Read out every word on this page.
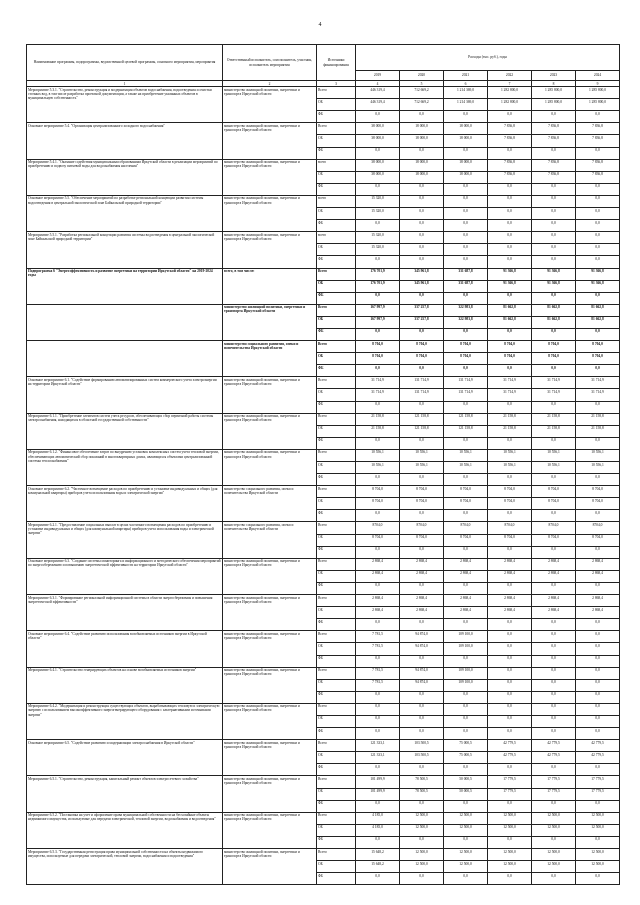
4
Наименование программы, подпрограммы, ведомственной целевой программы, основного мероприятия, мероприятия	Ответственный исполнитель, соисполнитель, участник, исполнитель мероприятия	Источники финансирования	Расходы (тыс. руб.), годы					
			2019	2020	2021	2022	2023	2024
1	2	3	4	5	6	7	8	9
Мероприятие 5.3.1. "Строительство, реконструкция и модернизация объектов водоснабжения, водоотведения и очистки сточных вод, в том числе разработка проектной документации, а также на приобретение указанных объектов в муниципальную собственность"	министерство жилищной политики, энергетики и транспорта Иркутской области	Всего	446 319,4	712 669,2	1 214 369,0	1 282 800,0	1 285 800,0	1 285 800,0
		ОБ	446 319,4	712 669,2	1 214 369,0	1 282 800,0	1 285 800,0	1 285 800,0
		ФБ	0,0	0,0	0,0	0,0	0,0	0,0
Основное мероприятие 5.4. "Организация централизованного холодного водоснабжения"	министерство жилищной политики, энергетики и транспорта Иркутской области	Всего	38 000,0	18 000,0	18 000,0	7 836,8	7 836,8	7 836,8
		ОБ	38 000,0	18 000,0	18 000,0	7 836,8	7 836,8	7 836,8
		ФБ	0,0	0,0	0,0	0,0	0,0	0,0
Мероприятие 5.4.1. "Оказание содействия муниципальным образованиям Иркутской области в реализации мероприятий по приобретению и подвозу питьевой воды для водоснабжения населения"	министерство жилищной политики, энергетики и транспорта Иркутской области	всего	38 000,0	18 000,0	18 000,0	7 836,8	7 836,8	7 836,8
		ОБ	38 000,0	18 000,0	18 000,0	7 836,8	7 836,8	7 836,8
		ФБ	0,0	0,0	0,0	0,0	0,0	0,0
Основное мероприятие 5.5. "Обеспечение мероприятий по разработке региональной концепции развития системы водоотведения в центральной экологической зоне Байкальской природной территории"	министерство жилищной политики, энергетики и транспорта Иркутской области	всего	15 320,0	0,0	0,0	0,0	0,0	0,0
		ОБ	15 320,0	0,0	0,0	0,0	0,0	0,0
		ФБ	0,0	0,0	0,0	0,0	0,0	0,0
Мероприятие 5.5.1. "Разработка региональной концепции развития системы водоотведения в центральной экологической зоне Байкальской природной территории"	министерство жилищной политики, энергетики и транспорта Иркутской области	всего	15 320,0	0,0	0,0	0,0	0,0	0,0
		ОБ	15 320,0	0,0	0,0	0,0	0,0	0,0
		ФБ	0,0	0,0	0,0	0,0	0,0	0,0
Подпрограмма 6 "Энергоэффективность и развитие энергетики на территории Иркутской области" на 2019-2024 годы	всего, в том числе:	Всего	176 701,9	345 961,8	331 687,8	91 366,8	91 366,8	91 366,8
		ОБ	176 701,9	345 961,8	331 687,8	91 366,8	91 366,8	91 366,8
		ФБ	0,0	0,0	0,0	0,0	0,0	0,0
	министерство жилищной политики, энергетики и транспорта Иркутской области	Всего	167 997,9	337 257,8	322 983,8	81 662,8	81 662,8	81 662,8
		ОБ	167 997,9	337 257,8	322 983,8	81 662,8	81 662,8	81 662,8
		ФБ	0,0	0,0	0,0	0,0	0,0	0,0
	министерство социального развития, опеки и попечительства Иркутской области	Всего	8 704,0	8 704,0	8 704,0	8 704,0	8 704,0	8 704,0
		ОБ	8 704,0	8 704,0	8 704,0	8 704,0	8 704,0	8 704,0
		ФБ	0,0	0,0	0,0	0,0	0,0	0,0
Основное мероприятие 6.1. "Содействие формированию автоматизированных систем коммерческого учета электроэнергии на территории Иркутской области"	министерство жилищной политики, энергетики и транспорта Иркутской области	Всего	31 714,9	131 714,9	131 714,9	31 714,9	31 714,9	31 714,9
		ОБ	31 714,9	131 714,9	131 714,9	31 714,9	31 714,9	31 714,9
		ФБ	0,0	0,0	0,0	0,0	0,0	0,0
Мероприятие 6.1.1. "Приобретение элементов систем учета ресурсов, обеспечивающих сбор первичной работы системы электроснабжения, находящихся в областной государственной собственности"	министерство жилищной политики, энергетики и транспорта Иркутской области	Всего	21 158,8	121 158,8	121 158,8	21 158,8	21 158,8	21 158,8
		ОБ	21 158,8	121 158,8	121 158,8	21 158,8	21 158,8	21 158,8
		ФБ	0,0	0,0	0,0	0,0	0,0	0,0
Мероприятие 6.1.2. "Финансовое обеспечение затрат по внедрению установок комплексных систем учета тепловой энергии, обеспечивающих автоматический сбор показаний в многоквартирных домах, являющихся объектами централизованной системы теплоснабжения"	министерство жилищной политики, энергетики и транспорта Иркутской области	Всего	10 556,1	10 556,1	10 556,1	10 556,1	10 556,1	10 556,1
		ОБ	10 556,1	10 556,1	10 556,1	10 556,1	10 556,1	10 556,1
		ФБ	0,0	0,0	0,0	0,0	0,0	0,0
Основное мероприятие 6.2. "Частичное возмещение расходов по приобретению и установке индивидуальных и общих (для коммунальной квартиры) приборов учета использования воды и электрической энергии"	министерство социального развития, опеки и попечительства Иркутской области	Всего	8 704,0	8 704,0	8 704,0	8 704,0	8 704,0	8 704,0
		ОБ	8 704,0	8 704,0	8 704,0	8 704,0	8 704,0	8 704,0
		ФБ	0,0	0,0	0,0	0,0	0,0	0,0
Мероприятие 6.2.1. "Предоставление социальных выплат в целях частичного возмещения расходов по приобретению и установке индивидуальных и общих (для коммунальной квартиры) приборов учета использования воды и электрической энергии"	министерство социального развития, опеки и попечительства Иркутской области	Всего	8704,0	8704,0	8704,0	8704,0	8704,0	8704,0
		ОБ	8 704,0	8 704,0	8 704,0	8 704,0	8 704,0	8 704,0
		ФБ	0,0	0,0	0,0	0,0	0,0	0,0
Основное мероприятие 6.3. "Создание системы мониторинга и информационного и методического обеспечения мероприятий по энергосбережению и повышению энергетической эффективности на территории Иркутской области"	министерство жилищной политики, энергетики и транспорта Иркутской области	Всего	2 868,4	2 868,4	2 868,4	2 868,4	2 868,4	2 868,4
		ОБ	2 868,4	2 868,4	2 868,4	2 868,4	2 868,4	2 868,4
		ФБ	0,0	0,0	0,0	0,0	0,0	0,0
Мероприятие 6.3.1. "Формирование региональной информационной системы в области энергосбережения и повышения энергетической эффективности"	министерство жилищной политики, энергетики и транспорта Иркутской области	Всего	2 868,4	2 868,4	2 868,4	2 868,4	2 868,4	2 868,4
		ОБ	2 868,4	2 868,4	2 868,4	2 868,4	2 868,4	2 868,4
		ФБ	0,0	0,0	0,0	0,0	0,0	0,0
Основное мероприятие 6.4. "Содействие развитию использования возобновляемых источников энергии в Иркутской области"	министерство жилищной политики, энергетики и транспорта Иркутской области	Всего	7 781,5	94 874,0	109 100,0	0,0	0,0	0,0
		ОБ	7 781,5	94 874,0	109 100,0	0,0	0,0	0,0
		ФБ	0,0	0,0	0,0	0,0	0,0	0,0
Мероприятие 6.4.1. "Строительство генерирующих объектов на основе возобновляемых источников энергии"	министерство жилищной политики, энергетики и транспорта Иркутской области	Всего	7 781,5	94 874,0	109 100,0	0,0	0,0	0,0
		ОБ	7 781,5	94 874,0	109 100,0	0,0	0,0	0,0
		ФБ	0,0	0,0	0,0	0,0	0,0	0,0
Мероприятие 6.4.2. "Модернизация и реконструкция существующих объектов, вырабатывающих тепловую и электрическую энергию с использованием высокоэффективного энергогенерирующего оборудования с альтернативными источниками энергии"	министерство жилищной политики, энергетики и транспорта Иркутской области	Всего	0,0	0,0	0,0	0,0	0,0	0,0
		ОБ	0,0	0,0	0,0	0,0	0,0	0,0
		ФБ	0,0	0,0	0,0	0,0	0,0	0,0
Основное мероприятие 6.5. "Содействие развитию и модернизации электроснабжения в Иркутской области"	министерство жилищной политики, энергетики и транспорта Иркутской области	Всего	121 333,1	103 500,5	75 000,5	42 779,5	42 779,5	42 779,5
		ОБ	121 333,1	103 500,5	75 000,5	42 779,5	42 779,5	42 779,5
		ФБ	0,0	0,0	0,0	0,0	0,0	0,0
Мероприятие 6.5.1. "Строительство, реконструкция, капитальный ремонт объектов электросетевого хозяйства"	министерство жилищной политики, энергетики и транспорта Иркутской области	Всего	101 499,9	78 500,5	50 000,5	17 779,5	17 779,5	17 779,5
		ОБ	101 499,9	78 500,5	50 000,5	17 779,5	17 779,5	17 779,5
		ФБ	0,0	0,0	0,0	0,0	0,0	0,0
Мероприятие 6.5.2. "Постановка на учет и оформление права муниципальной собственности на бесхозяйные объекты недвижимого имущества, используемые для передачи электрической, тепловой энергии, водоснабжения и водоотведения"	министерство жилищной политики, энергетики и транспорта Иркутской области	Всего	4 185,0	12 500,0	12 500,0	12 500,0	12 500,0	12 500,0
		ОБ	4 185,0	12 500,0	12 500,0	12 500,0	12 500,0	12 500,0
		ФБ	0,0	0,0	0,0	0,0	0,0	0,0
Мероприятие 6.5.3. "Государственная регистрация права муниципальной собственности на объекты недвижимого имущества, используемые для передачи электрической, тепловой энергии, водоснабжения и водоотведения"	министерство жилищной политики, энергетики и транспорта Иркутской области	Всего	15 648,2	12 500,0	12 500,0	12 500,0	12 500,0	12 500,0
		ОБ	15 648,2	12 500,0	12 500,0	12 500,0	12 500,0	12 500,0
		ФБ	0,0	0,0	0,0	0,0	0,0	0,0
